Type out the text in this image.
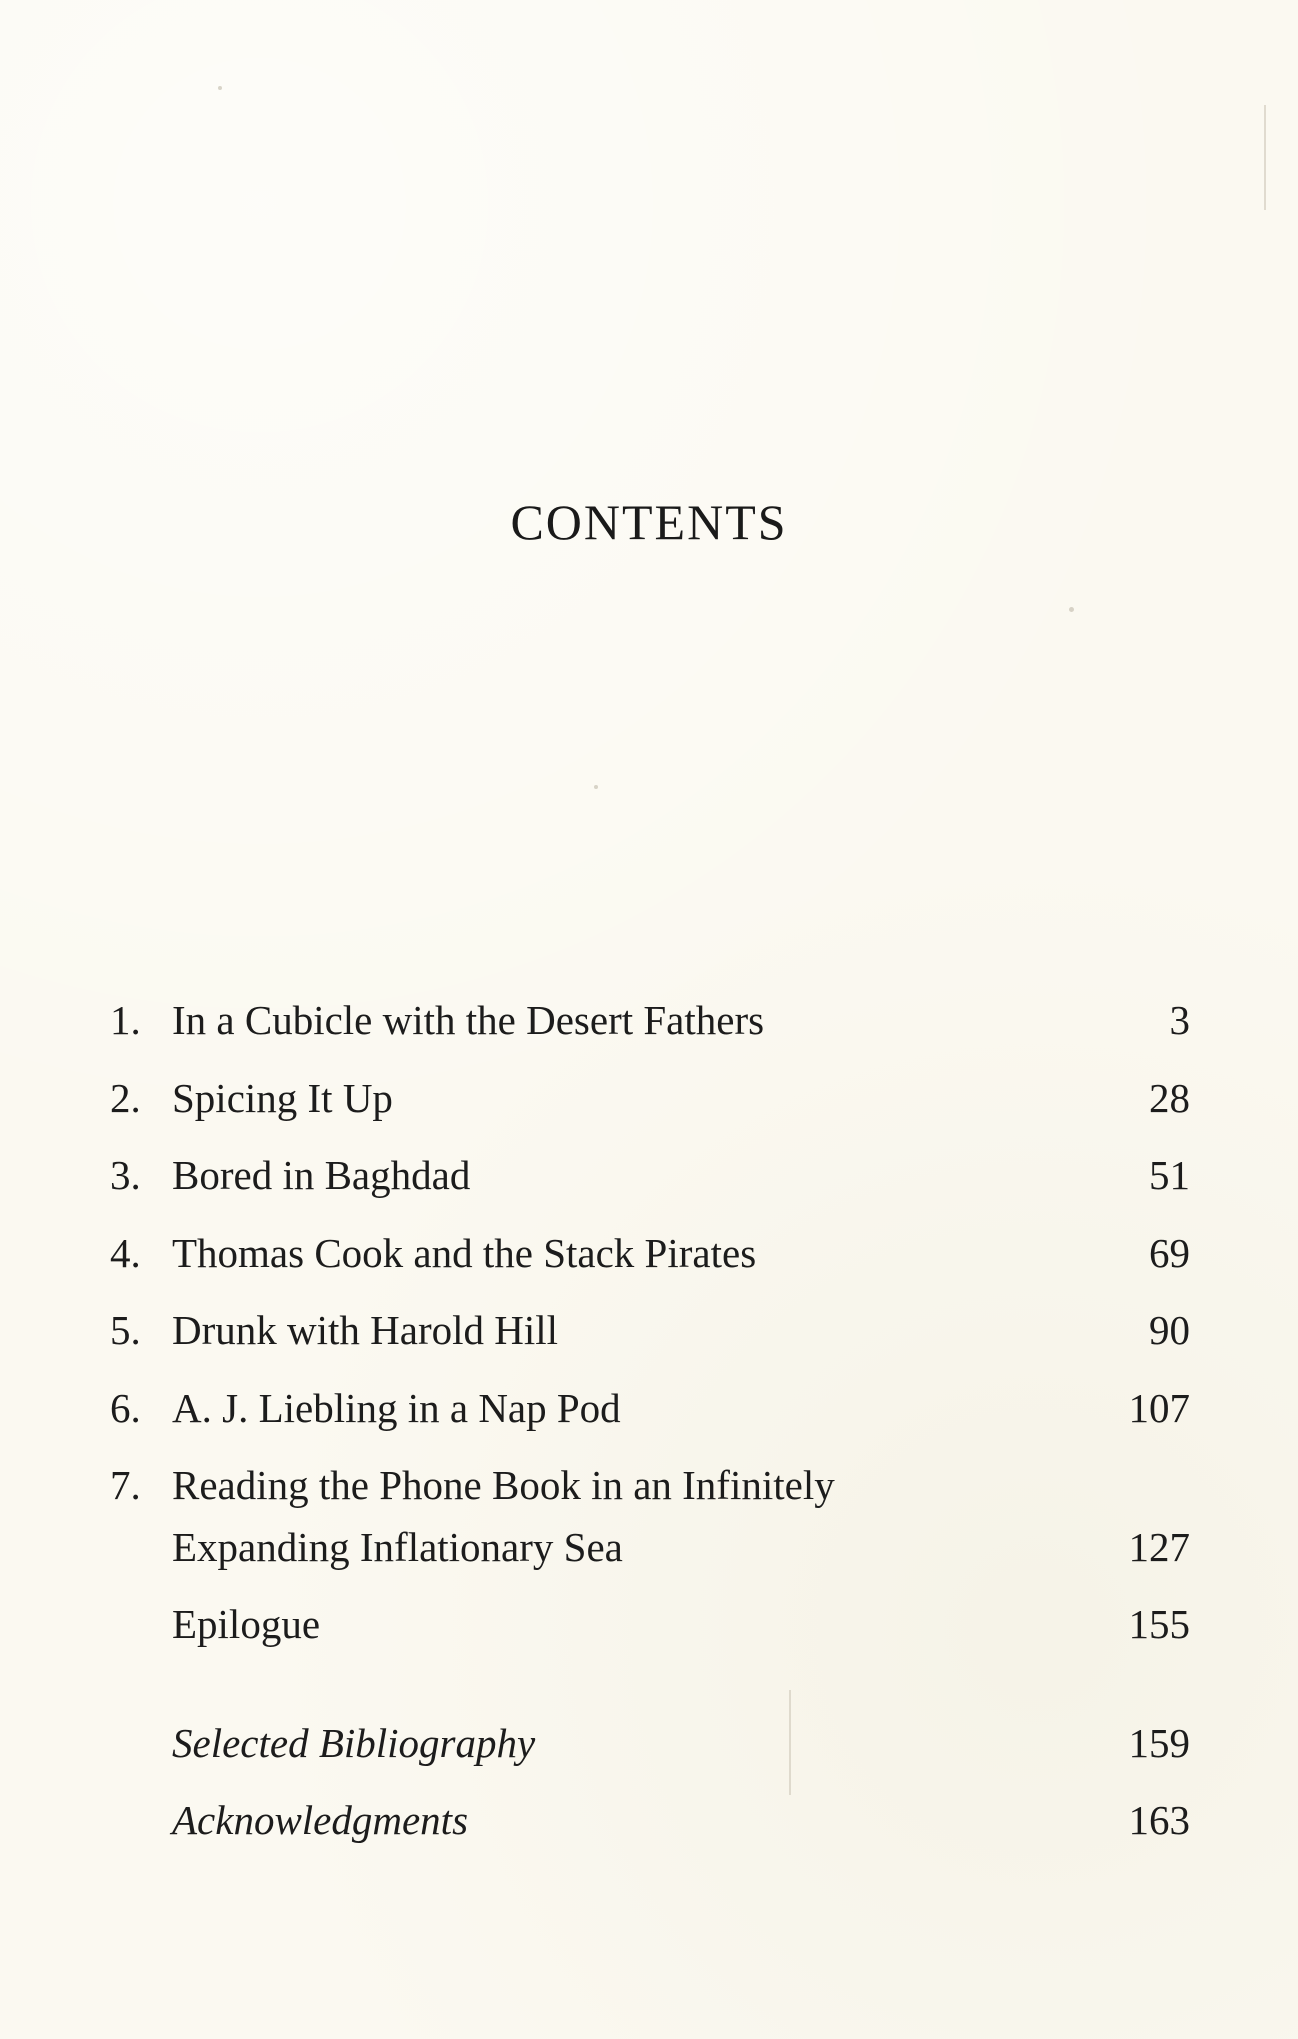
CONTENTS
1. In a Cubicle with the Desert Fathers	3
2. Spicing It Up	28
3. Bored in Baghdad	51
4. Thomas Cook and the Stack Pirates	69
5. Drunk with Harold Hill	90
6. A. J. Liebling in a Nap Pod	107
7. Reading the Phone Book in an Infinitely
Expanding Inflationary Sea	127
Epilogue	155
Selected Bibliography	159
Acknowledgments	163
